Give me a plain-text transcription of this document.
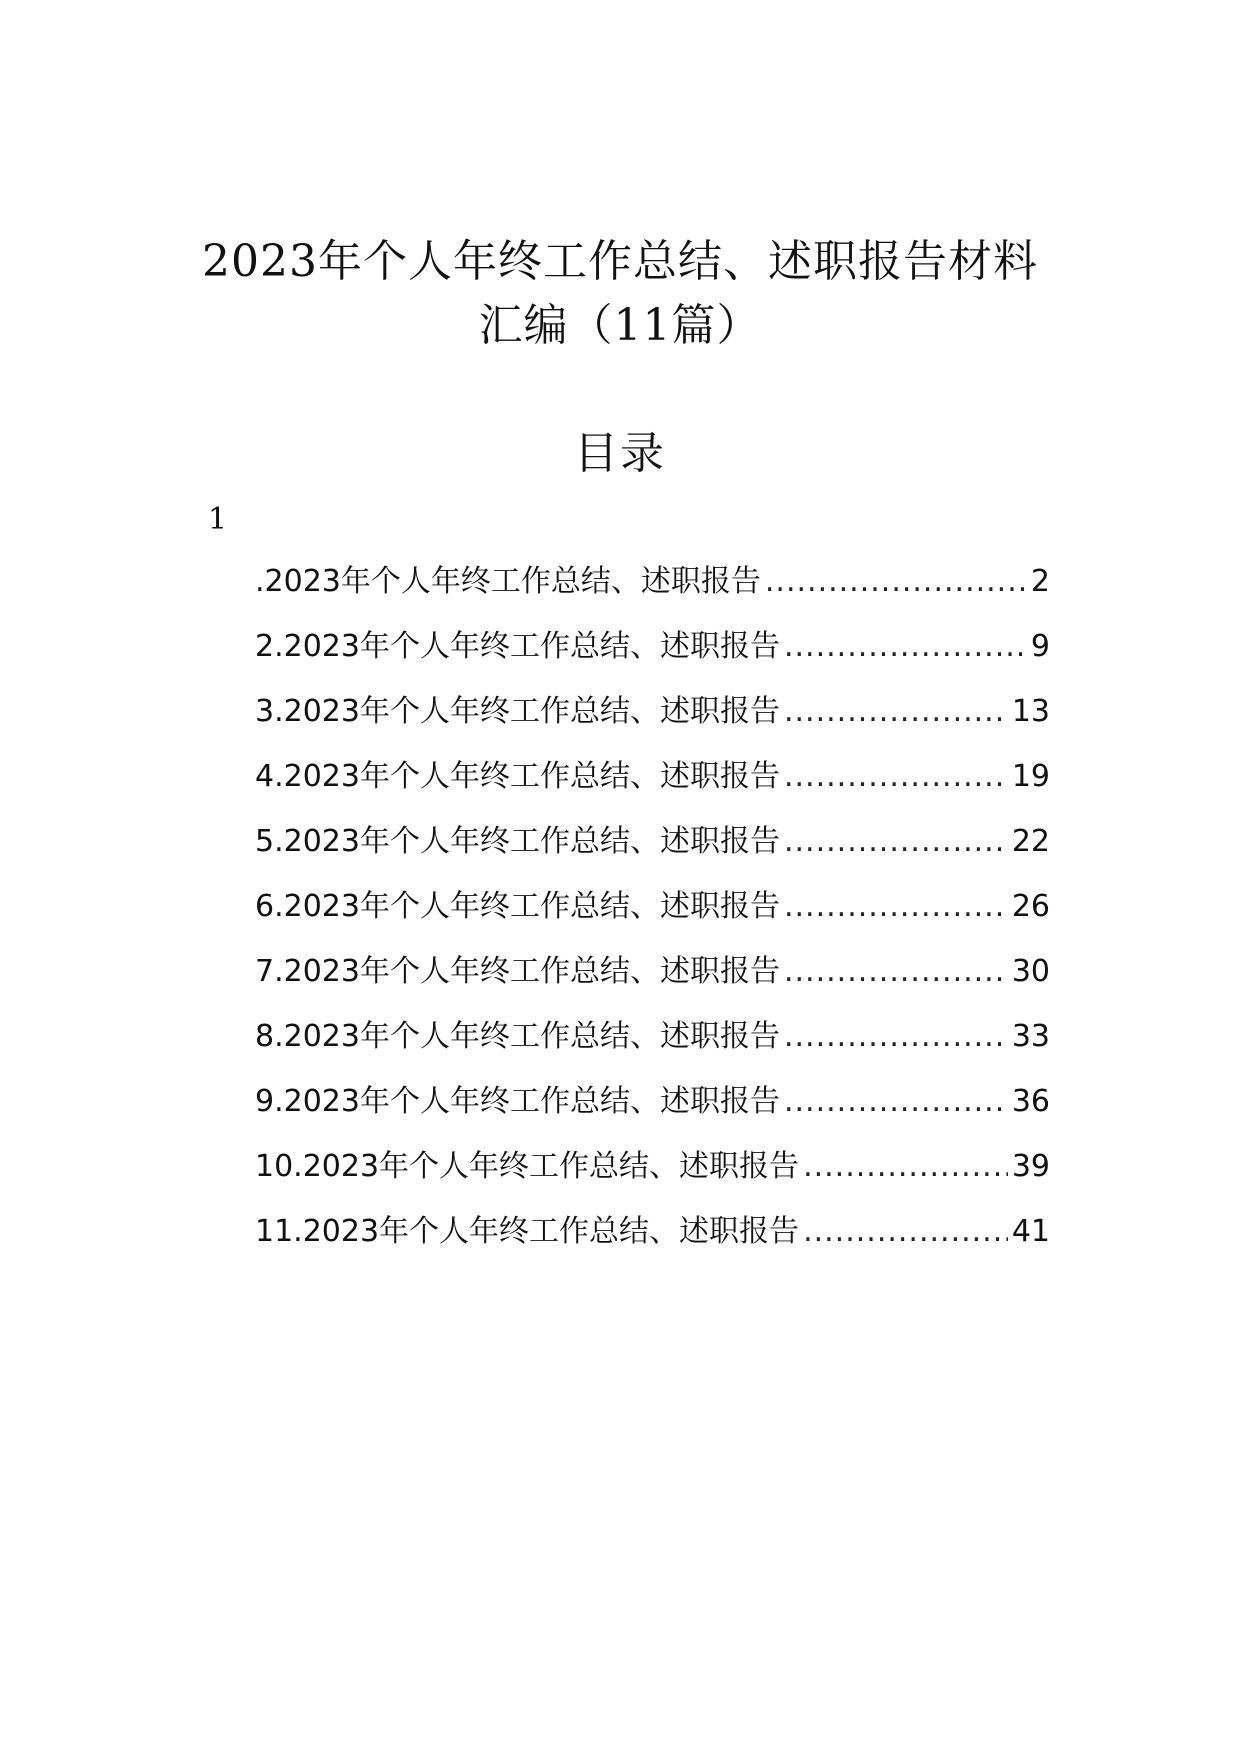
2023年个人年终工作总结、述职报告材料
汇编（11篇）
目录
1
.2023年个人年终工作总结、述职报告 .....	2
2.2023年个人年终工作总结、述职报告 .....	9
3.2023年个人年终工作总结、述职报告 .....	13
4.2023年个人年终工作总结、述职报告 .....	19
5.2023年个人年终工作总结、述职报告 .....	22
6.2023年个人年终工作总结、述职报告 .....	26
7.2023年个人年终工作总结、述职报告 .....	30
8.2023年个人年终工作总结、述职报告 .....	33
9.2023年个人年终工作总结、述职报告 .....	36
10.2023年个人年终工作总结、述职报告 .....	39
11.2023年个人年终工作总结、述职报告 .....	41
